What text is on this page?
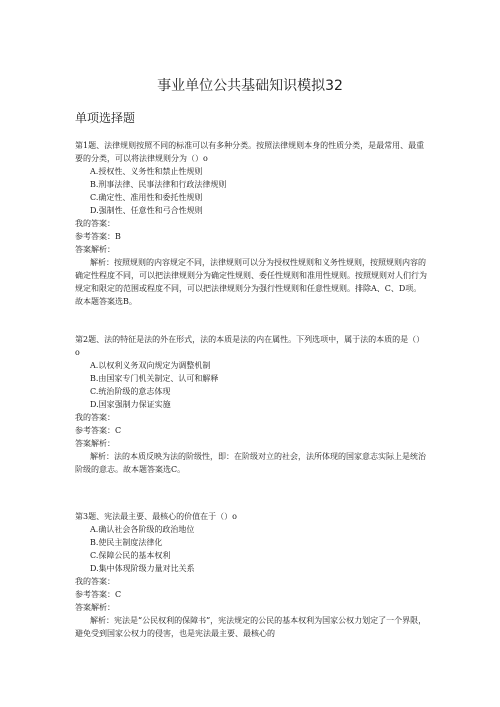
事业单位公共基础知识模拟32
单项选择题

第1题、法律规则按照不同的标准可以有多种分类。按照法律规则本身的性质分类，是最常用、最重要的分类，可以将法律规则分为（）o

A.授权性、义务性和禁止性规则

B.刑事法律、民事法律和行政法律规则

C.确定性、准用性和委托性规则

D.强制性、任意性和弓合性规则

我的答案：

参考答案：B

答案解析：

解析：按照规则的内容规定不同，法律规则可以分为授权性规则和义务性规则，按照规则内容的确定性程度不同，可以把法律规则分为确定性规则、委任性规则和准用性规则。按照规则对人们行为规定和限定的范围或程度不同，可以把法律规则分为强行性规则和任意性规则。排除A、C、D项。故本题答案选B。

第2题、法的特征是法的外在形式，法的本质是法的内在属性。下列选项中，属于法的本质的是（）o

A.以权利义务双向规定为调整机制

B.由国家专门机关制定、认可和解释

C.统治阶级的意志体现

D.国家强制力保证实施

我的答案：

参考答案：C

答案解析：

解析：法的本质反映为法的阶级性，即：在阶级对立的社会，法所体现的国家意志实际上是统治阶级的意志。故本题答案选C。

第3题、宪法最主要、最核心的价值在于（）o

A.确认社会各阶级的政治地位

B.使民主制度法律化

C.保障公民的基本权利

D.集中体现阶级力量对比关系

我的答案：

参考答案：C

答案解析：

解析：宪法是“公民权利的保障书”，宪法规定的公民的基本权利为国家公权力划定了一个界限，避免受到国家公权力的侵害，也是宪法最主要、最核心的
